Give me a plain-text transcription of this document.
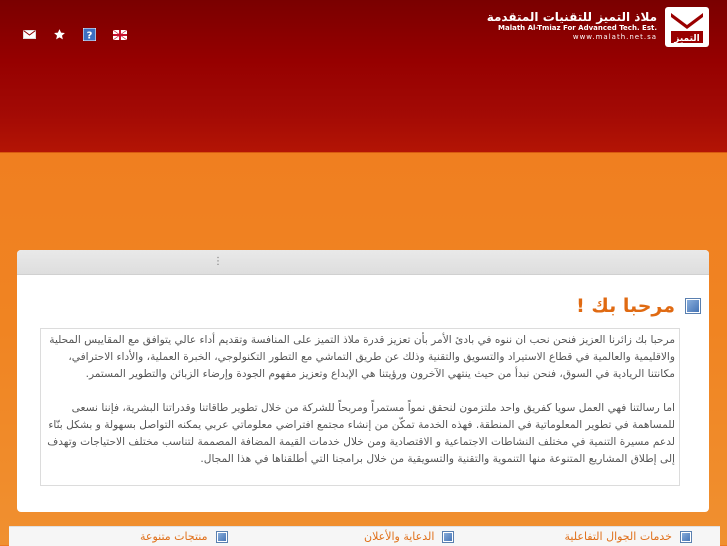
?
ملاذ التميز للتقنيات المتقدمة
Malath Al-Tmiaz For Advanced Tech. Est.
www.malath.net.sa التميز
⋮
مرحبا بك !

مرحبا بك زائرنا العزيز فنحن نحب ان ننوه في بادئ الأمر بأن تعزيز قدرة ملاذ التميز على المنافسة وتقديم أداء عالي يتوافق مع المقاييس المحلية والاقليمية والعالمية في قطاع الاستيراد والتسويق والتقنية وذلك عن طريق التماشي مع التطور التكنولوجي، الخبرة العملية، والأداء الاحترافي، مكانتنا الريادية في السوق، فنحن نبدأ من حيث ينتهي الآخرون ورؤيتنا هي الإبداع وتعزيز مفهوم الجودة وإرضاء الزبائن والتطوير المستمر.

اما رسالتنا فهي العمل سويا كفريق واحد ملتزمون لنحقق نمواً مستمراً ومربحاً للشركة من خلال تطوير طاقاتنا وقدراتنا البشرية، فإننا نسعى للمساهمة في تطوير المعلوماتية في المنطقة. فهذه الخدمة تمكّن من إنشاء مجتمع افتراضي معلوماتي عربي يمكنه التواصل بسهولة و بشكل بنّاء لدعم مسيرة التنمية في مختلف النشاطات الاجتماعية و الاقتصادية ومن خلال خدمات القيمة المضافة المصممة لتناسب مختلف الاحتياجات وتهدف إلى إطلاق المشاريع المتنوعة منها التنموية والتقنية والتسويقية من خلال برامجنا التي أطلقناها في هذا المجال.

خدمات الجوال التفاعلية
الدعاية والأعلان
منتجات متنوعة
